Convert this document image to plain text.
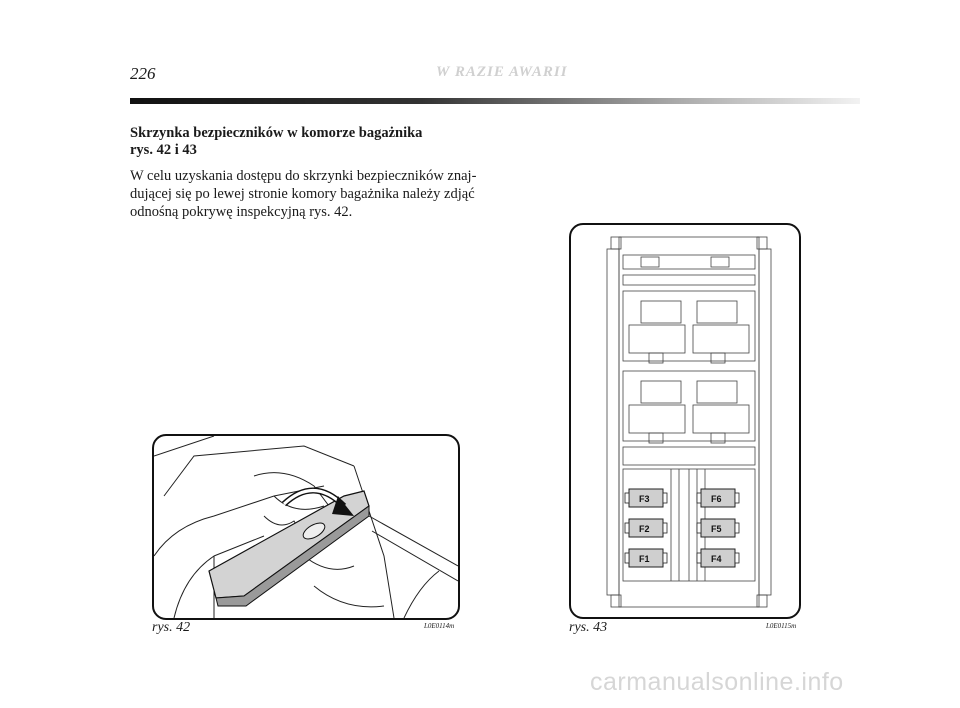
226	W RAZIE AWARII
Skrzynka bezpieczników w komorze bagażnika
rys. 42 i 43
W celu uzyskania dostępu do skrzynki bezpieczników znaj-
dującej się po lewej stronie komory bagażnika należy zdjąć
odnośną pokrywę inspekcyjną rys. 42.
rys. 42	L0E0114m
F3
F2
F1
F6
F5
F4
rys. 43	L0E0115m
carmanualsonline.info
